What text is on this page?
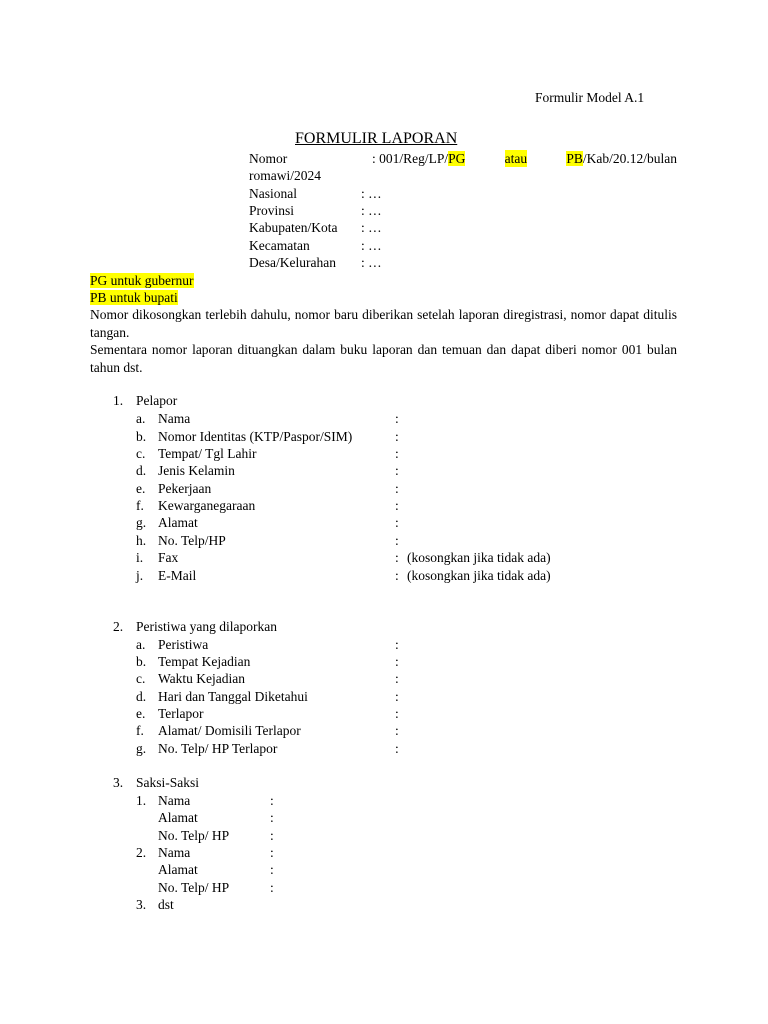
Formulir Model A.1
FORMULIR LAPORAN
Nomor	: 001/Reg/LP/PG	atau	PB/Kab/20.12/bulan
romawi/2024
Nasional	: …
Provinsi	: …
Kabupaten/Kota : …
Kecamatan	: …
Desa/Kelurahan : …
PG untuk gubernur
PB untuk bupati
Nomor dikosongkan terlebih dahulu, nomor baru diberikan setelah laporan diregistrasi, nomor dapat ditulis tangan.
Sementara nomor laporan dituangkan dalam buku laporan dan temuan dan dapat diberi nomor 001 bulan tahun dst.
1. Pelapor
a. Nama	:
b. Nomor Identitas (KTP/Paspor/SIM)	:
c. Tempat/ Tgl Lahir	:
d. Jenis Kelamin	:
e. Pekerjaan	:
f. Kewarganegaraan	:
g. Alamat	:
h. No. Telp/HP	:
i. Fax	: (kosongkan jika tidak ada)
j. E-Mail	: (kosongkan jika tidak ada)
2. Peristiwa yang dilaporkan
a. Peristiwa	:
b. Tempat Kejadian	:
c. Waktu Kejadian	:
d. Hari dan Tanggal Diketahui	:
e. Terlapor	:
f. Alamat/ Domisili Terlapor	:
g. No. Telp/ HP Terlapor	:
3. Saksi-Saksi
1. Nama	:
Alamat	:
No. Telp/ HP	:
2. Nama	:
Alamat	:
No. Telp/ HP	:
3. dst
